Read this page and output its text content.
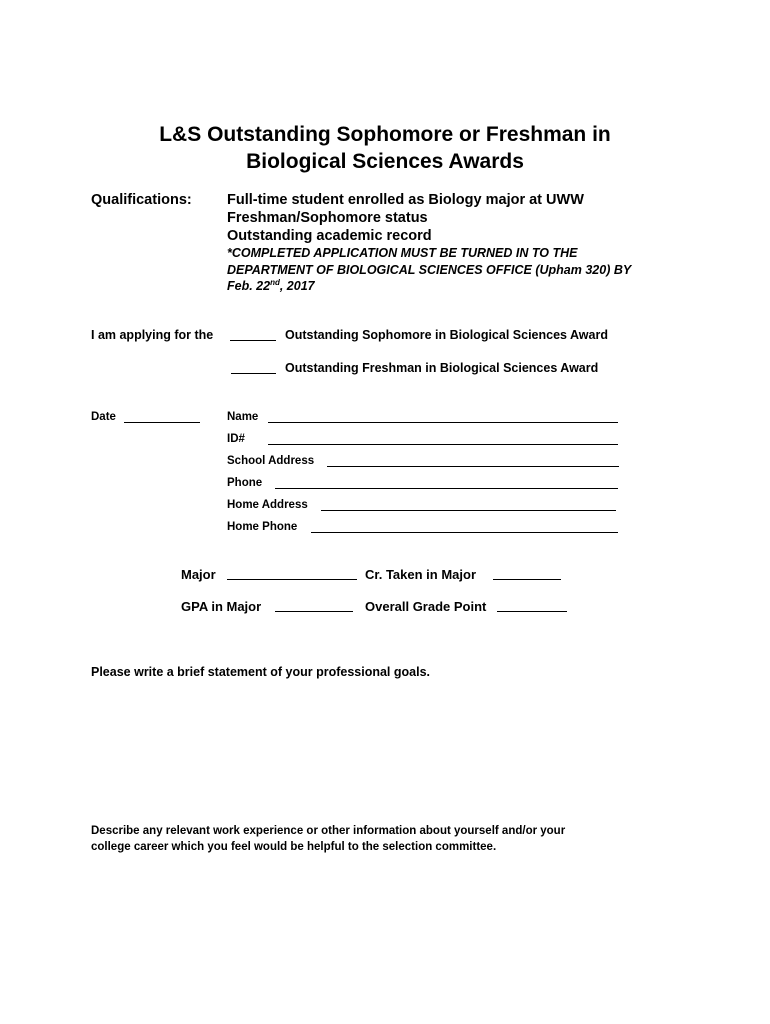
L&S Outstanding Sophomore or Freshman in
Biological Sciences Awards
Qualifications: Full-time student enrolled as Biology major at UWW
Freshman/Sophomore status
Outstanding academic record
*COMPLETED APPLICATION MUST BE TURNED IN TO THE
DEPARTMENT OF BIOLOGICAL SCIENCES OFFICE (Upham 320) BY
Feb. 22nd, 2017
I am applying for the	Outstanding Sophomore in Biological Sciences Award
Outstanding Freshman in Biological Sciences Award
Date	Name
ID#
School Address
Phone
Home Address
Home Phone
Major	Cr. Taken in Major
GPA in Major	Overall Grade Point
Please write a brief statement of your professional goals.
Describe any relevant work experience or other information about yourself and/or your
college career which you feel would be helpful to the selection committee.
